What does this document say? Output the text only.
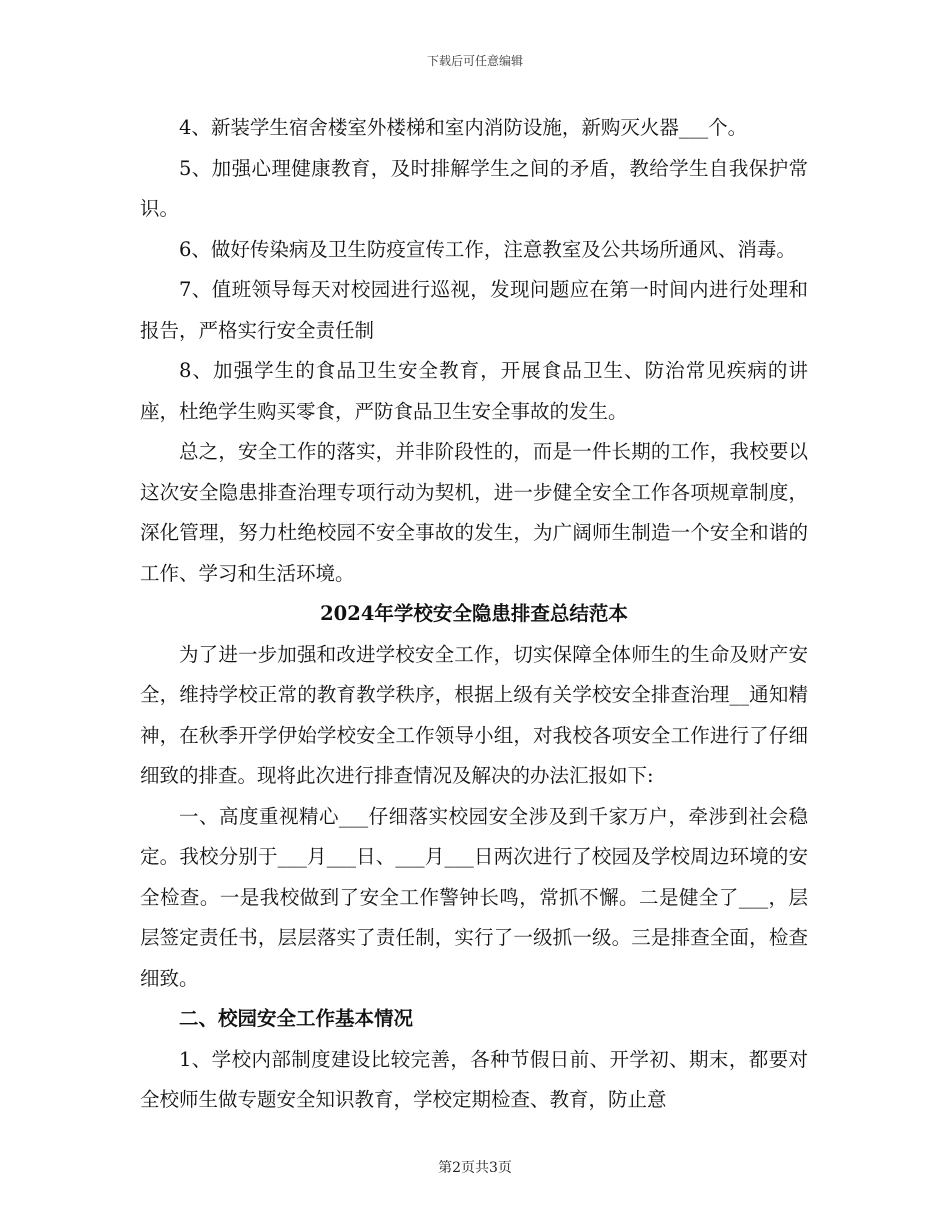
下载后可任意编辑

4、新装学生宿舍楼室外楼梯和室内消防设施，新购灭火器___个。

5、加强心理健康教育，及时排解学生之间的矛盾，教给学生自我保护常识。

6、做好传染病及卫生防疫宣传工作，注意教室及公共场所通风、消毒。

7、值班领导每天对校园进行巡视，发现问题应在第一时间内进行处理和报告，严格实行安全责任制

8、加强学生的食品卫生安全教育，开展食品卫生、防治常见疾病的讲座，杜绝学生购买零食，严防食品卫生安全事故的发生。

总之，安全工作的落实，并非阶段性的，而是一件长期的工作，我校要以这次安全隐患排查治理专项行动为契机，进一步健全安全工作各项规章制度，深化管理，努力杜绝校园不安全事故的发生，为广阔师生制造一个安全和谐的工作、学习和生活环境。

2024年学校安全隐患排查总结范本

为了进一步加强和改进学校安全工作，切实保障全体师生的生命及财产安全，维持学校正常的教育教学秩序，根据上级有关学校安全排查治理__通知精神，在秋季开学伊始学校安全工作领导小组，对我校各项安全工作进行了仔细细致的排查。现将此次进行排查情况及解决的办法汇报如下:

一、高度重视精心___仔细落实校园安全涉及到千家万户，牵涉到社会稳定。我校分别于___月___日、___月___日两次进行了校园及学校周边环境的安全检查。一是我校做到了安全工作警钟长鸣，常抓不懈。二是健全了___，层层签定责任书，层层落实了责任制，实行了一级抓一级。三是排查全面，检查细致。

二、校园安全工作基本情况

1、学校内部制度建设比较完善，各种节假日前、开学初、期末，都要对全校师生做专题安全知识教育，学校定期检查、教育，防止意

第2页共3页
